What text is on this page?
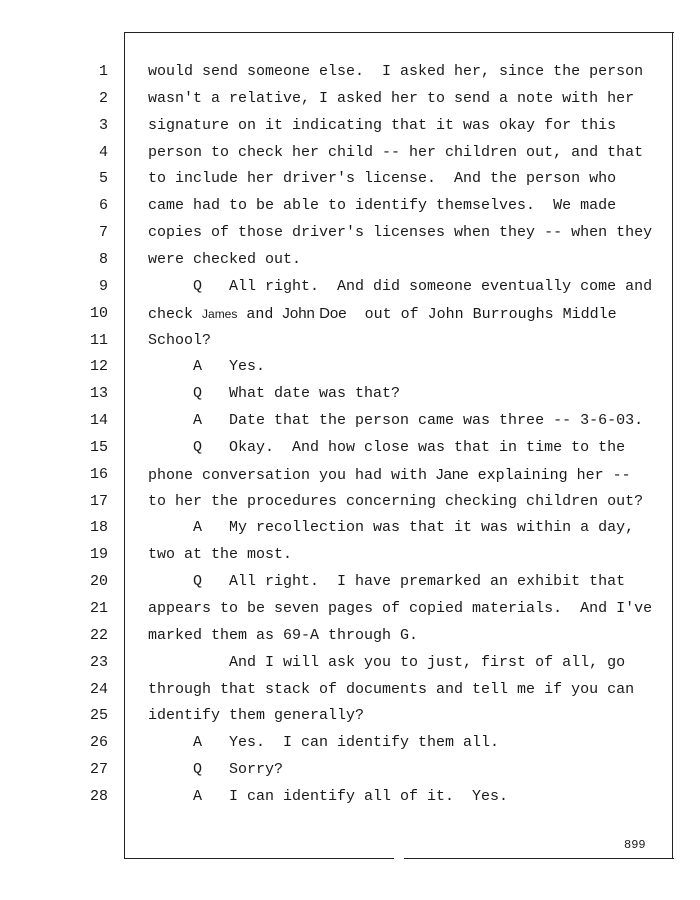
1	would send someone else.  I asked her, since the person
2	wasn't a relative, I asked her to send a note with her
3	signature on it indicating that it was okay for this
4	person to check her child -- her children out, and that
5	to include her driver's license.  And the person who
6	came had to be able to identify themselves.  We made
7	copies of those driver's licenses when they -- when they
8	were checked out.
9	Q   All right.  And did someone eventually come and
10	check James and John Doe  out of John Burroughs Middle
11	School?
12	A   Yes.
13	Q   What date was that?
14	A   Date that the person came was three -- 3-6-03.
15	Q   Okay.  And how close was that in time to the
16	phone conversation you had with Jane explaining her --
17	to her the procedures concerning checking children out?
18	A   My recollection was that it was within a day,
19	two at the most.
20	Q   All right.  I have premarked an exhibit that
21	appears to be seven pages of copied materials.  And I've
22	marked them as 69-A through G.
23	And I will ask you to just, first of all, go
24	through that stack of documents and tell me if you can
25	identify them generally?
26	A   Yes.  I can identify them all.
27	Q   Sorry?
28	A   I can identify all of it.  Yes.
899
